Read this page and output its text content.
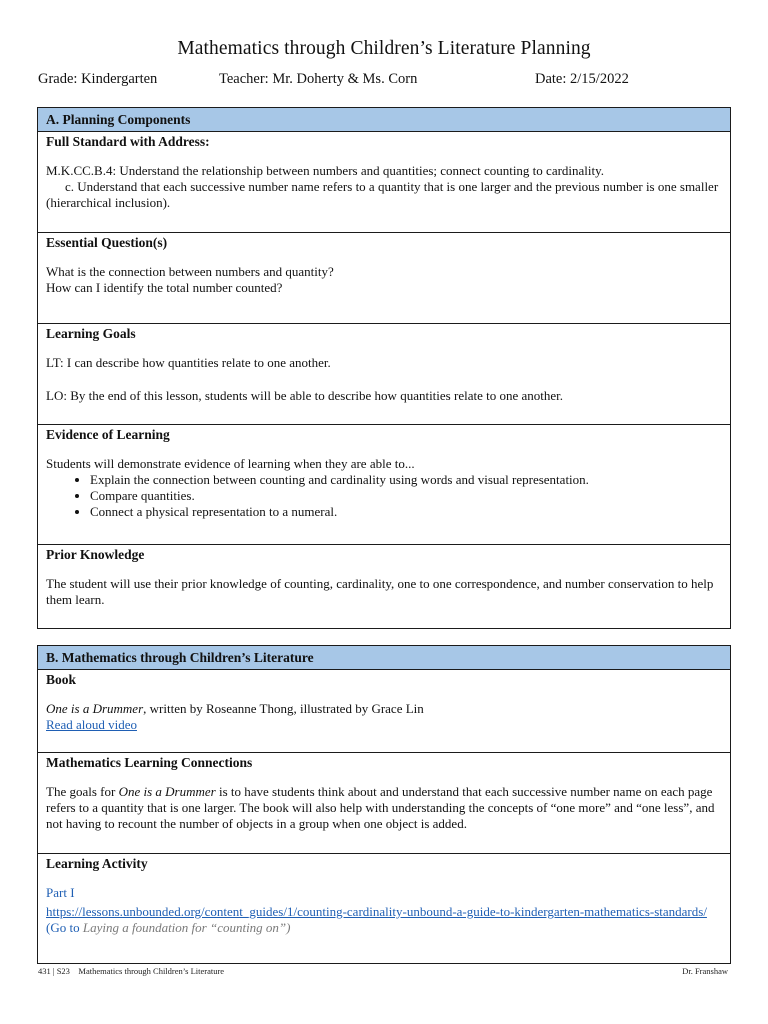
Mathematics through Children’s Literature Planning
Grade: Kindergarten	Teacher: Mr. Doherty & Ms. Corn	Date: 2/15/2022
A. Planning Components
Full Standard with Address:

M.K.CC.B.4: Understand the relationship between numbers and quantities; connect counting to cardinality.

c. Understand that each successive number name refers to a quantity that is one larger and the previous number is one smaller (hierarchical inclusion).

Essential Question(s)

What is the connection between numbers and quantity?

How can I identify the total number counted?

Learning Goals

LT: I can describe how quantities relate to one another.

LO: By the end of this lesson, students will be able to describe how quantities relate to one another.

Evidence of Learning

Students will demonstrate evidence of learning when they are able to...

• Explain the connection between counting and cardinality using words and visual representation.
• Compare quantities.
• Connect a physical representation to a numeral.
Prior Knowledge

The student will use their prior knowledge of counting, cardinality, one to one correspondence, and number conservation to help them learn.

B. Mathematics through Children’s Literature
Book

One is a Drummer, written by Roseanne Thong, illustrated by Grace Lin

Read aloud video

Mathematics Learning Connections

The goals for One is a Drummer is to have students think about and understand that each successive number name on each page refers to a quantity that is one larger. The book will also help with understanding the concepts of “one more” and “one less”, and not having to recount the number of objects in a group when one object is added.

Learning Activity

Part I

https://lessons.unbounded.org/content_guides/1/counting-cardinality-unbound-a-guide-to-kindergarten-mathematics-standards/ (Go to Laying a foundation for “counting on”)

431 | S23    Mathematics through Children’s Literature	Dr. Franshaw
